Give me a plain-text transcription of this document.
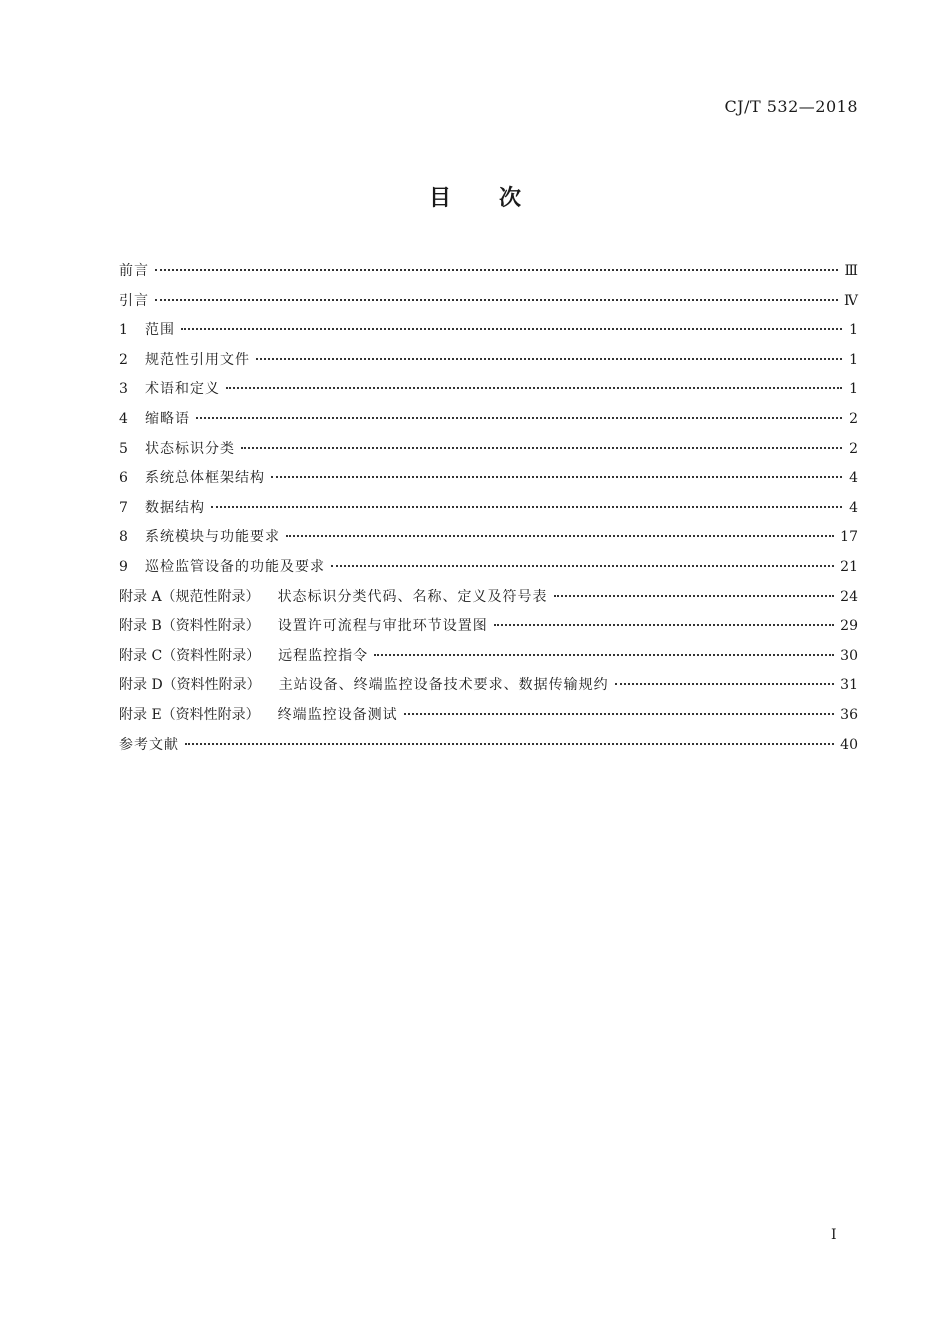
CJ/T 532—2018
目 次
前言	Ⅲ
引言	Ⅳ
1	范围	1
2	规范性引用文件	1
3	术语和定义	1
4	缩略语	2
5	状态标识分类	2
6	系统总体框架结构	4
7	数据结构	4
8	系统模块与功能要求	17
9	巡检监管设备的功能及要求	21
附录 A（规范性附录） 状态标识分类代码、名称、定义及符号表	24
附录 B（资料性附录） 设置许可流程与审批环节设置图	29
附录 C（资料性附录） 远程监控指令	30
附录 D（资料性附录） 主站设备、终端监控设备技术要求、数据传输规约	31
附录 E（资料性附录） 终端监控设备测试	36
参考文献	40
I
